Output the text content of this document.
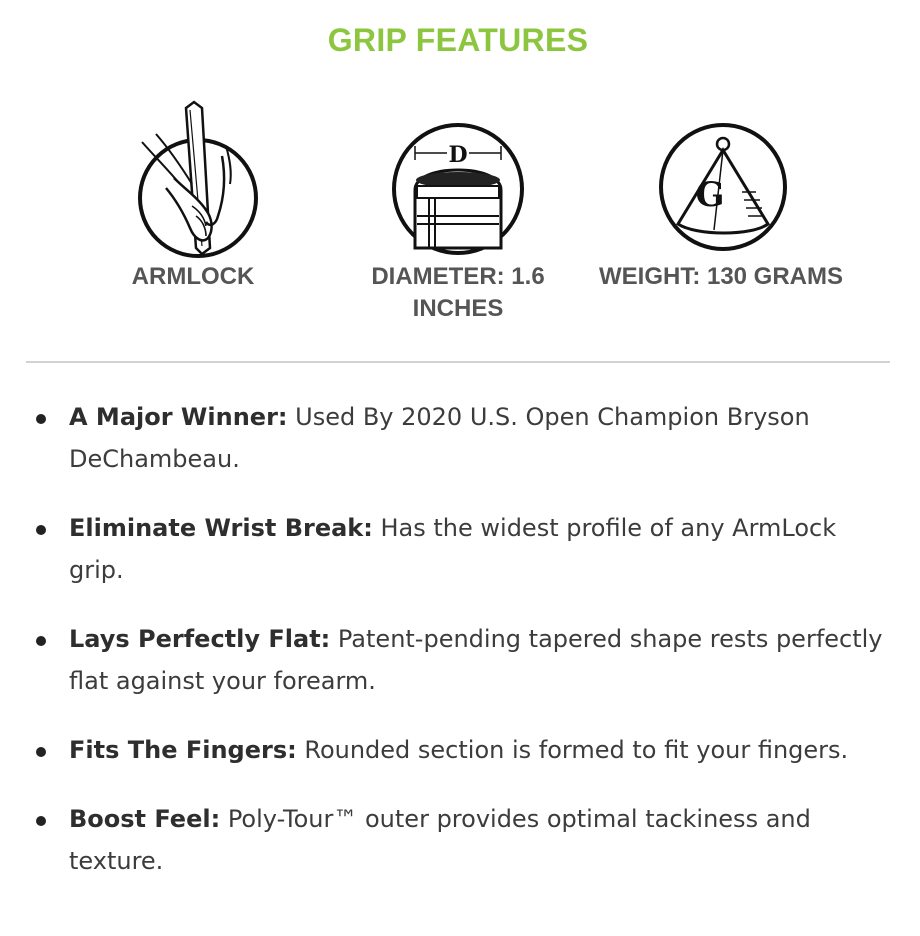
GRIP FEATURES
D
G
ARMLOCK	DIAMETER: 1.6 INCHES
WEIGHT: 130 GRAMS
A Major Winner: Used By 2020 U.S. Open Champion Bryson DeChambeau.
Eliminate Wrist Break: Has the widest profile of any ArmLock grip.
Lays Perfectly Flat: Patent-pending tapered shape rests perfectly flat against your forearm.
Fits The Fingers: Rounded section is formed to fit your fingers.
Boost Feel: Poly-Tour™ outer provides optimal tackiness and texture.
